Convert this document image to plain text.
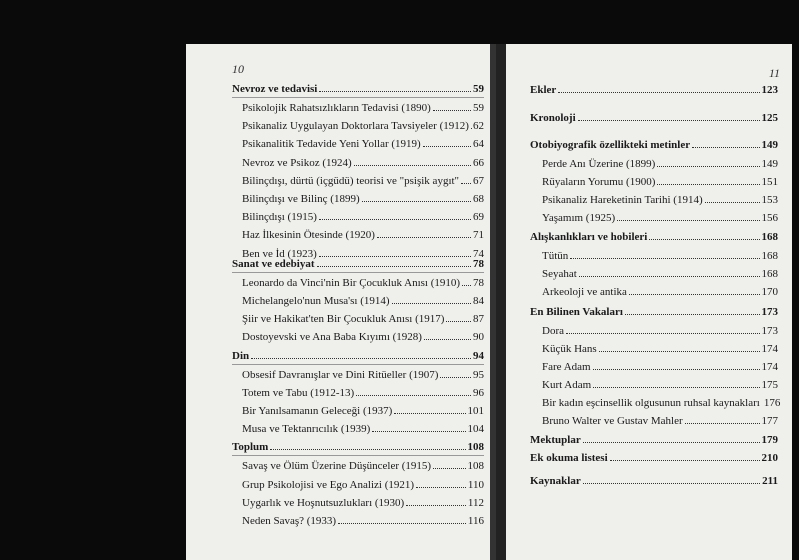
10
Nevroz ve tedavisi	59
Psikolojik Rahatsızlıkların Tedavisi (1890)	59
Psikanaliz Uygulayan Doktorlara Tavsiyeler (1912) 62
Psikanalitik Tedavide Yeni Yollar (1919)	64
Nevroz ve Psikoz (1924)	66
Bilinçdışı, dürtü (içgüdü) teorisi ve "psişik aygıt" 67
Bilinçdışı ve Bilinç (1899)	68
Bilinçdışı (1915)	69
Haz İlkesinin Ötesinde (1920)	71
Ben ve İd (1923)	74
Sanat ve edebiyat	78
Leonardo da Vinci'nin Bir Çocukluk Anısı (1910) 78
Michelangelo'nun Musa'sı (1914)	84
Şiir ve Hakikat'ten Bir Çocukluk Anısı (1917)	87
Dostoyevski ve Ana Baba Kıyımı (1928)	90
Din	94
Obsesif Davranışlar ve Dini Ritüeller (1907)	95
Totem ve Tabu (1912-13)	96
Bir Yanılsamanın Geleceği (1937)	101
Musa ve Tektanrıcılık (1939)	104
Toplum	108
Savaş ve Ölüm Üzerine Düşünceler (1915)	108
Grup Psikolojisi ve Ego Analizi (1921)	110
Uygarlık ve Hoşnutsuzlukları (1930)	112
Neden Savaş? (1933)	116
11
Ekler	123
Kronoloji	125
Otobiyografik özellikteki metinler	149
Perde Anı Üzerine (1899)	149
Rüyaların Yorumu (1900)	151
Psikanaliz Hareketinin Tarihi (1914)	153
Yaşamım (1925)	156
Alışkanlıkları ve hobileri	168
Tütün	168
Seyahat	168
Arkeoloji ve antika	170
En Bilinen Vakaları	173
Dora	173
Küçük Hans	174
Fare Adam	174
Kurt Adam	175
Bir kadın eşcinsellik olgusunun ruhsal kaynakları 176
Bruno Walter ve Gustav Mahler	177
Mektuplar	179
Ek okuma listesi	210
Kaynaklar	211
